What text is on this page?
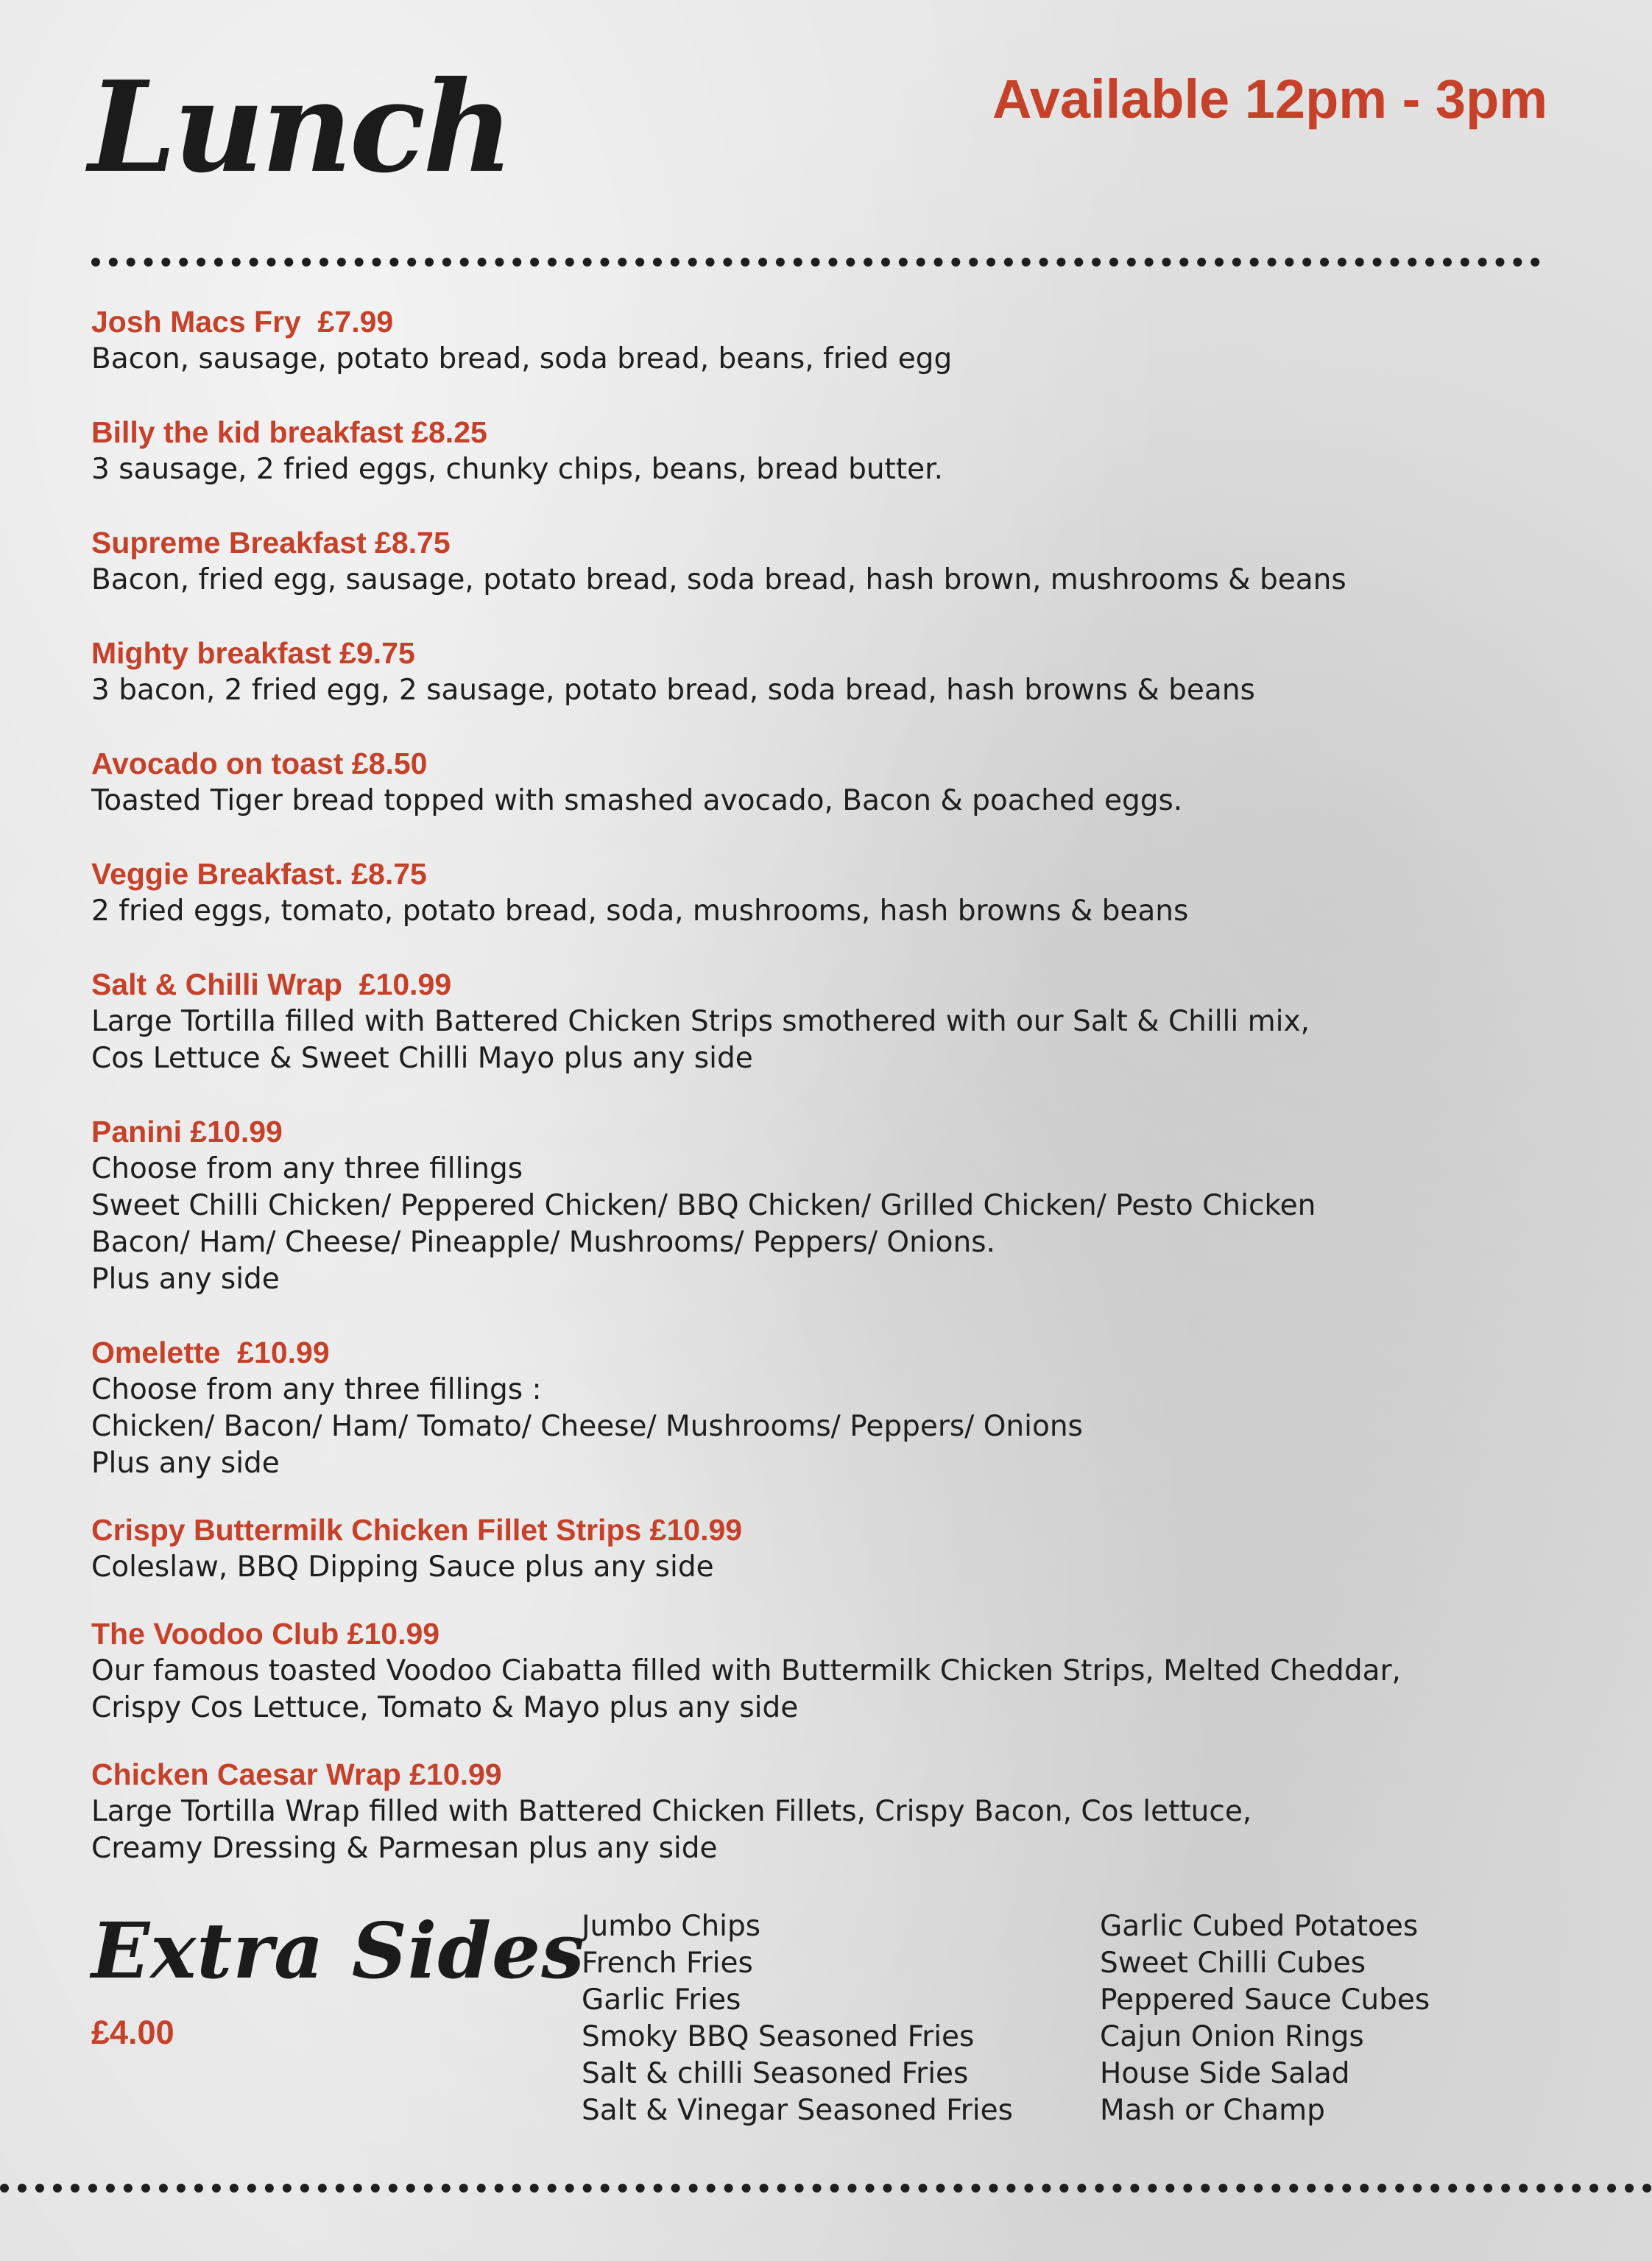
Lunch	Available 12pm - 3pm
Josh Macs Fry  £7.99
Bacon, sausage, potato bread, soda bread, beans, fried egg
Billy the kid breakfast £8.25
3 sausage, 2 fried eggs, chunky chips, beans, bread butter.
Supreme Breakfast £8.75
Bacon, fried egg, sausage, potato bread, soda bread, hash brown, mushrooms & beans
Mighty breakfast £9.75
3 bacon, 2 fried egg, 2 sausage, potato bread, soda bread, hash browns & beans
Avocado on toast £8.50
Toasted Tiger bread topped with smashed avocado, Bacon & poached eggs.
Veggie Breakfast. £8.75
2 fried eggs, tomato, potato bread, soda, mushrooms, hash browns & beans
Salt & Chilli Wrap  £10.99
Large Tortilla filled with Battered Chicken Strips smothered with our Salt & Chilli mix,
Cos Lettuce & Sweet Chilli Mayo plus any side
Panini £10.99
Choose from any three fillings
Sweet Chilli Chicken/ Peppered Chicken/ BBQ Chicken/ Grilled Chicken/ Pesto Chicken
Bacon/ Ham/ Cheese/ Pineapple/ Mushrooms/ Peppers/ Onions.
Plus any side
Omelette  £10.99
Choose from any three fillings :
Chicken/ Bacon/ Ham/ Tomato/ Cheese/ Mushrooms/ Peppers/ Onions
Plus any side
Crispy Buttermilk Chicken Fillet Strips £10.99
Coleslaw, BBQ Dipping Sauce plus any side
The Voodoo Club £10.99
Our famous toasted Voodoo Ciabatta filled with Buttermilk Chicken Strips, Melted Cheddar,
Crispy Cos Lettuce, Tomato & Mayo plus any side
Chicken Caesar Wrap £10.99
Large Tortilla Wrap filled with Battered Chicken Fillets, Crispy Bacon, Cos lettuce,
Creamy Dressing & Parmesan plus any side
Extra Sides
£4.00
Jumbo Chips
French Fries
Garlic Fries
Smoky BBQ Seasoned Fries
Salt & chilli Seasoned Fries
Salt & Vinegar Seasoned Fries
Garlic Cubed Potatoes
Sweet Chilli Cubes
Peppered Sauce Cubes
Cajun Onion Rings
House Side Salad
Mash or Champ
